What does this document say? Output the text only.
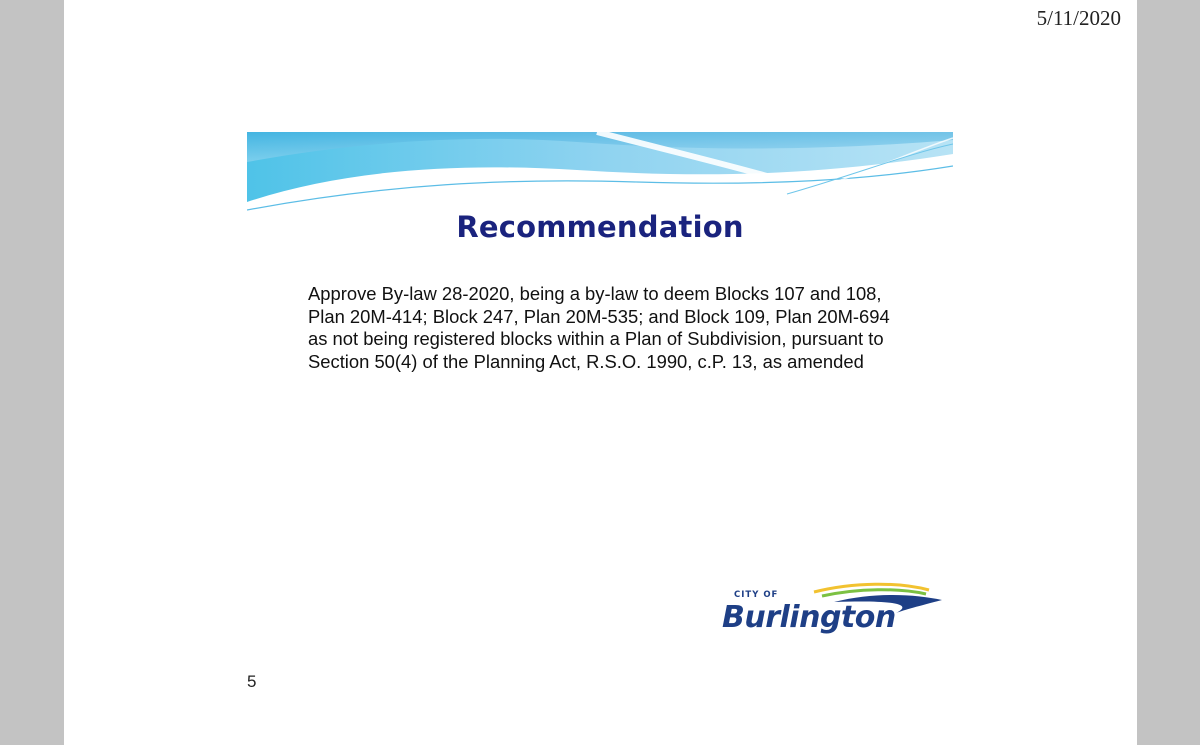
5/11/2020
Recommendation
Approve By-law 28-2020, being a by-law to deem Blocks 107 and 108, Plan 20M-414; Block 247, Plan 20M-535; and Block 109, Plan 20M-694 as not being registered blocks within a Plan of Subdivision, pursuant to Section 50(4) of the Planning Act, R.S.O. 1990, c.P. 13, as amended
CITY OF
Burlington
5
